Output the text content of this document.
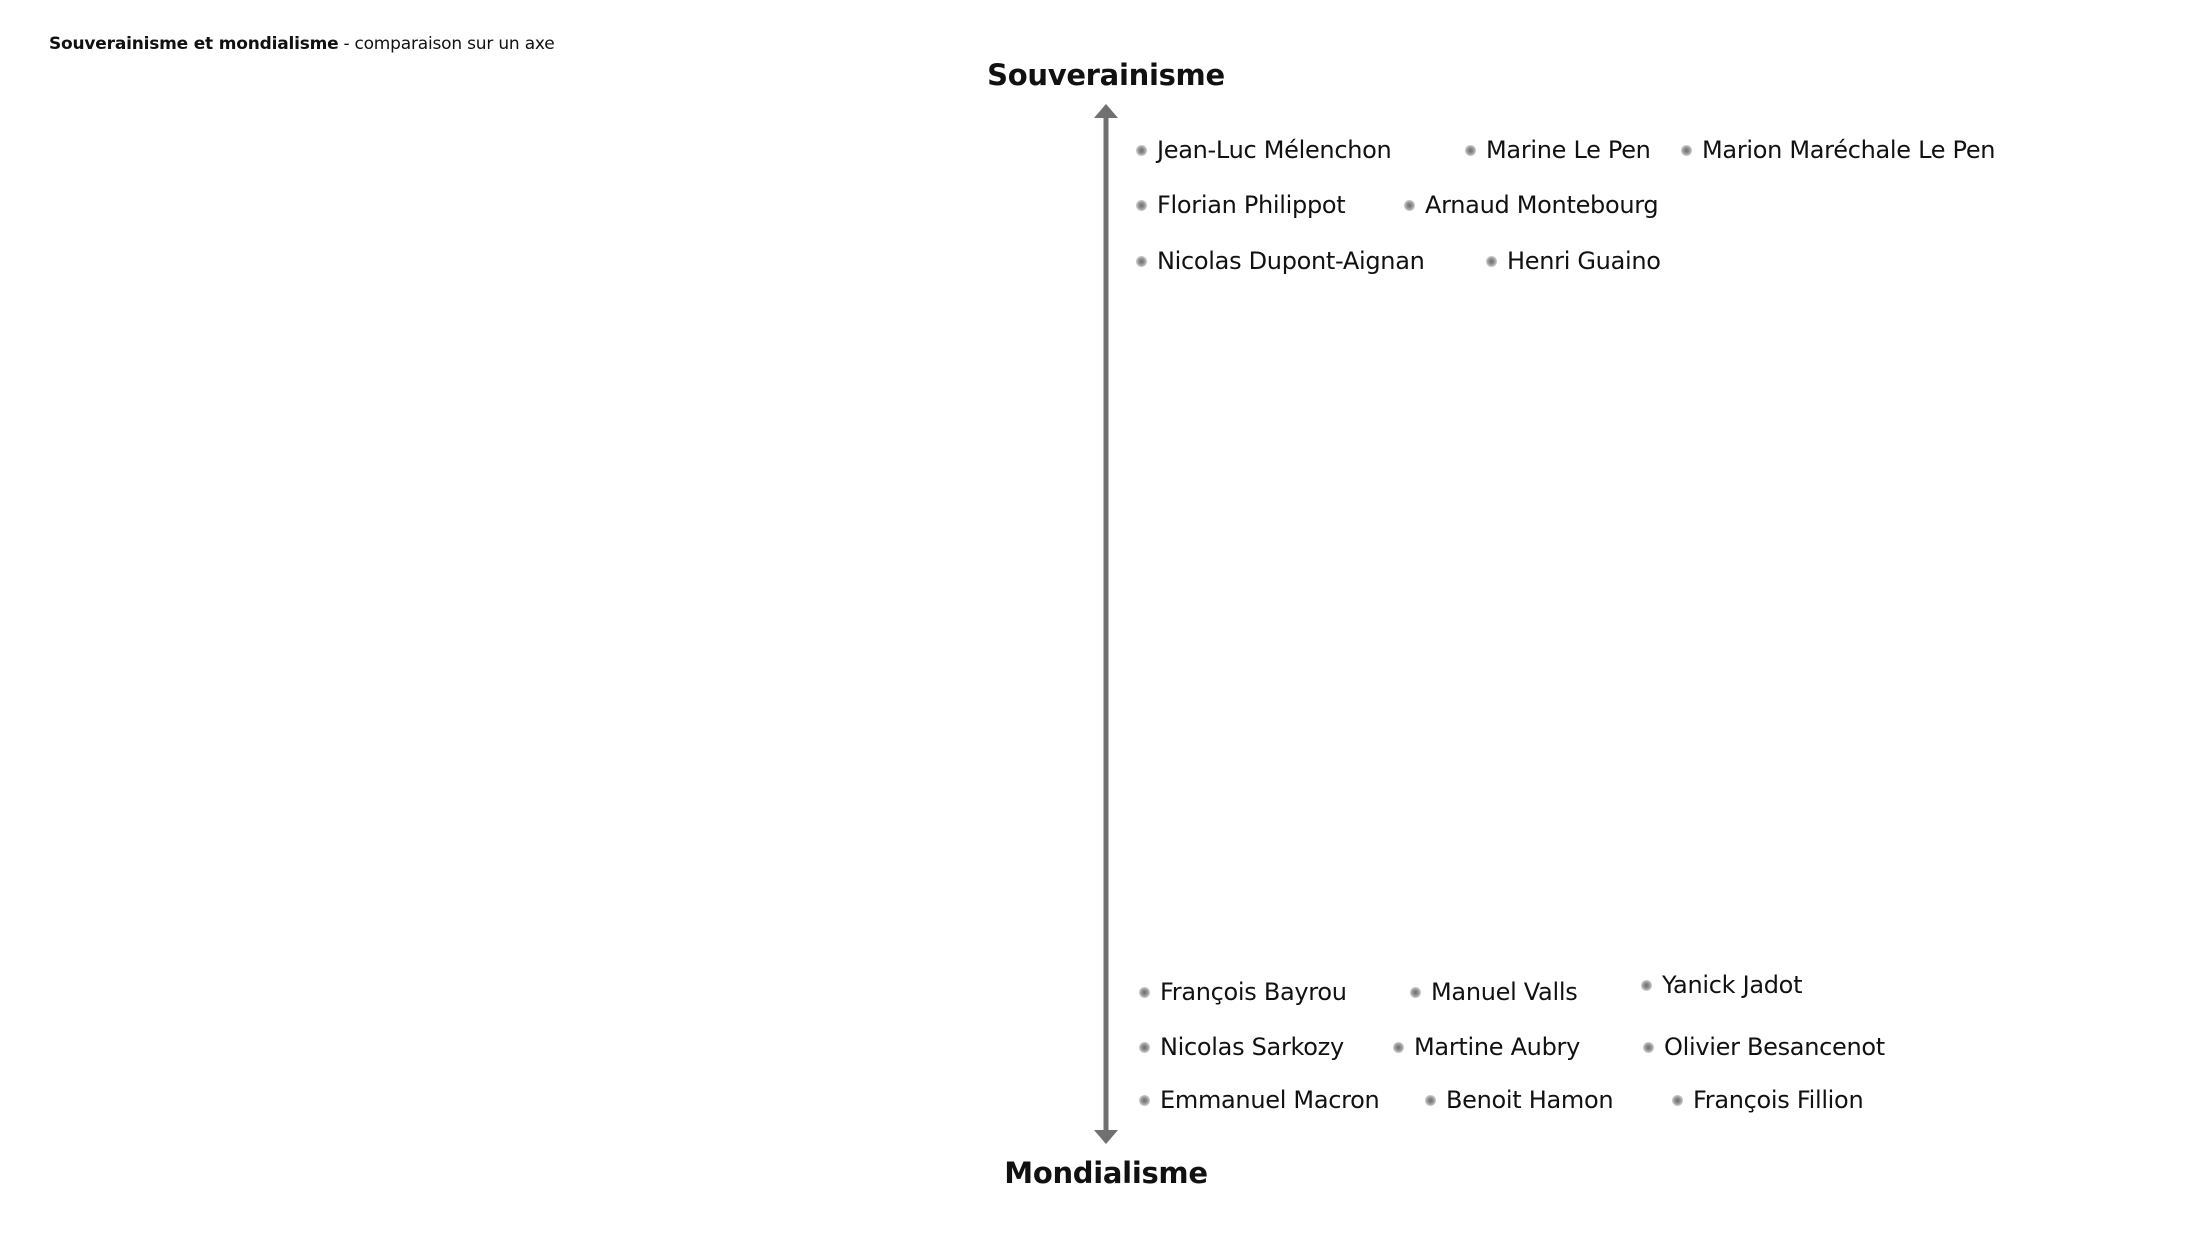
Souverainisme et mondialisme - comparaison sur un axe
Souverainisme
Mondialisme
Jean-Luc Mélenchon	Marine Le Pen Marion Maréchale Le Pen
Florian Philippot	Arnaud Montebourg
Nicolas Dupont-Aignan	Henri Guaino
François Bayrou	Manuel Valls	Yanick Jadot
Nicolas Sarkozy	Martine Aubry	Olivier Besancenot
Emmanuel Macron	Benoit Hamon	François Fillion
